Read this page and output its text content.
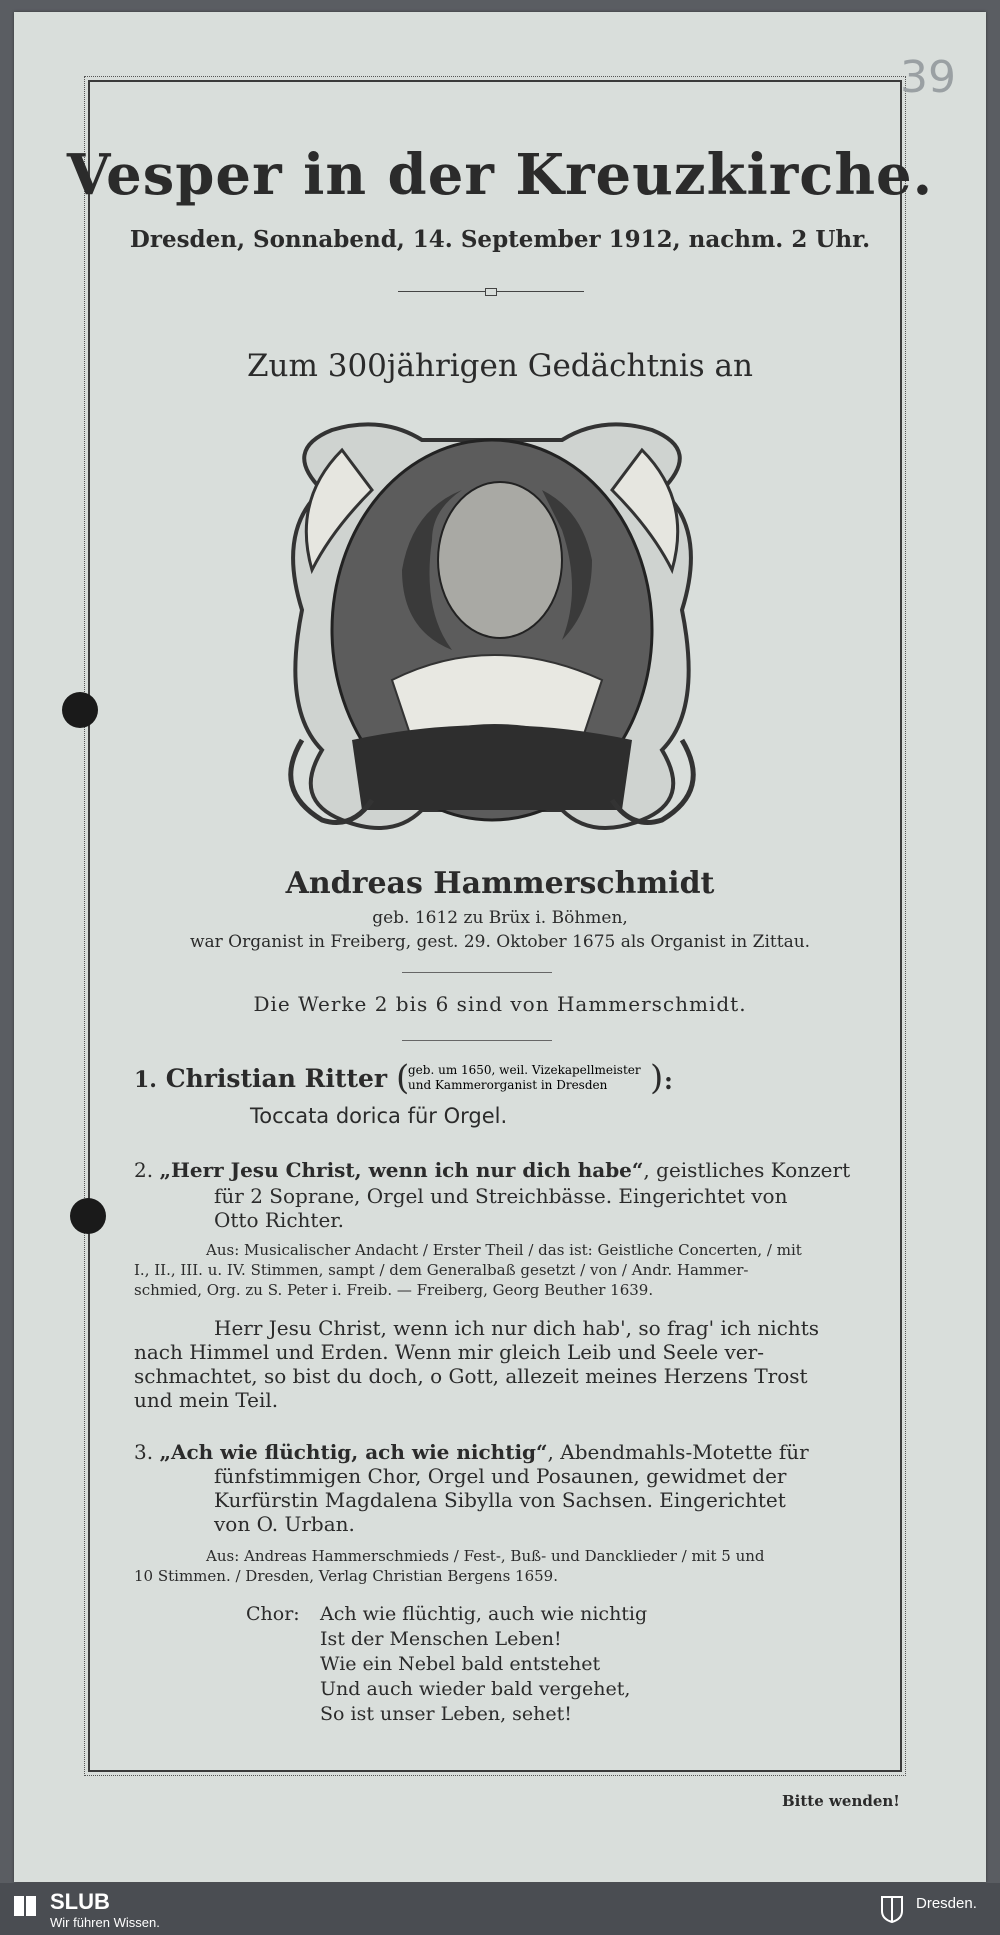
39
Vesper in der Kreuzkirche.
Dresden, Sonnabend, 14. September 1912, nachm. 2 Uhr.
Zum 300jährigen Gedächtnis an
Andreas Hammerschmidt
geb. 1612 zu Brüx i. Böhmen,
war Organist in Freiberg, gest. 29. Oktober 1675 als Organist in Zittau.
Die Werke 2 bis 6 sind von Hammerschmidt.
1. Christian Ritter (
geb. um 1650, weil. Vizekapellmeister
und Kammerorganist in Dresden	) :
Toccata dorica für Orgel.
2. „Herr Jesu Christ, wenn ich nur dich habe“, geistliches Konzert
für 2 Soprane, Orgel und Streichbässe. Eingerichtet von
Otto Richter.
Aus: Musicalischer Andacht / Erster Theil / das ist: Geistliche Concerten, / mit
I., II., III. u. IV. Stimmen, sampt / dem Generalbaß gesetzt / von / Andr. Hammer-
schmied, Org. zu S. Peter i. Freib. — Freiberg, Georg Beuther 1639.
Herr Jesu Christ, wenn ich nur dich hab', so frag' ich nichts
nach Himmel und Erden. Wenn mir gleich Leib und Seele ver-
schmachtet, so bist du doch, o Gott, allezeit meines Herzens Trost
und mein Teil.
3. „Ach wie flüchtig, ach wie nichtig“, Abendmahls-Motette für
fünfstimmigen Chor, Orgel und Posaunen, gewidmet der
Kurfürstin Magdalena Sibylla von Sachsen. Eingerichtet
von O. Urban.
Aus: Andreas Hammerschmieds / Fest-, Buß- und Dancklieder / mit 5 und
10 Stimmen. / Dresden, Verlag Christian Bergens 1659.
Chor: Ach wie flüchtig, auch wie nichtig
Ist der Menschen Leben!
Wie ein Nebel bald entstehet
Und auch wieder bald vergehet,
So ist unser Leben, sehet!
Bitte wenden!
SLUB
Wir führen Wissen.
Dresden.
